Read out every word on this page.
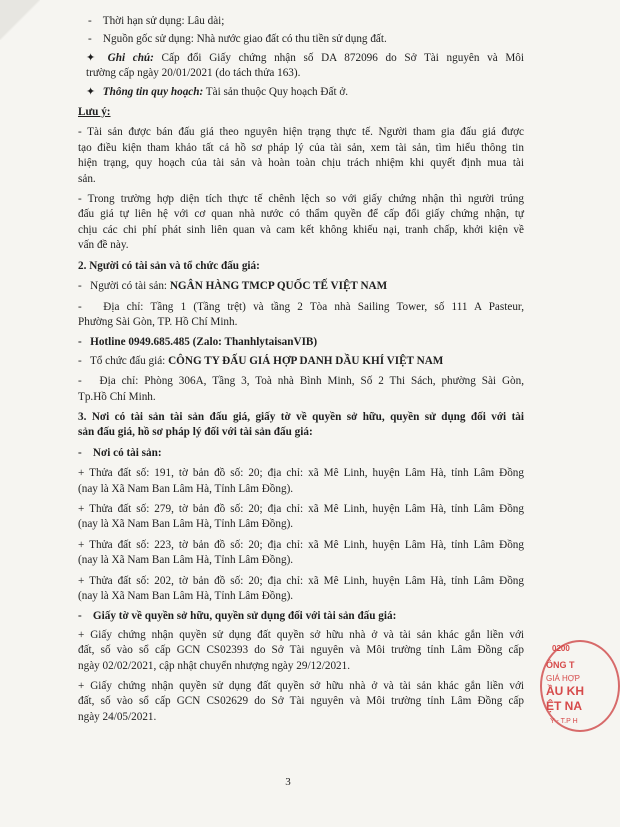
- Thời hạn sử dụng: Lâu dài;

- Nguồn gốc sử dụng: Nhà nước giao đất có thu tiền sử dụng đất.

✦ Ghi chú: Cấp đổi Giấy chứng nhận số DA 872096 do Sở Tài nguyên và Môi

trường cấp ngày 20/01/2021 (do tách thửa 163).

✦ Thông tin quy hoạch: Tài sản thuộc Quy hoạch Đất ở.

Lưu ý:

- Tài sản được bán đấu giá theo nguyên hiện trạng thực tế. Người tham gia đấu giá được

tạo điều kiện tham khảo tất cả hồ sơ pháp lý của tài sản, xem tài sản, tìm hiểu thông tin

hiện trạng, quy hoạch của tài sản và hoàn toàn chịu trách nhiệm khi quyết định mua tài

sản.

- Trong trường hợp diện tích thực tế chênh lệch so với giấy chứng nhận thì người trúng

đấu giá tự liên hệ với cơ quan nhà nước có thẩm quyền để cấp đổi giấy chứng nhận, tự

chịu các chi phí phát sinh liên quan và cam kết không khiếu nại, tranh chấp, khởi kiện về

vấn đề này.

2. Người có tài sản và tổ chức đấu giá:

- Người có tài sản: NGÂN HÀNG TMCP QUỐC TẾ VIỆT NAM

- Địa chỉ: Tầng 1 (Tầng trệt) và tầng 2 Tòa nhà Sailing Tower, số 111 A Pasteur,

Phường Sài Gòn, TP. Hồ Chí Minh.

- Hotline 0949.685.485 (Zalo: ThanhlytaisanVIB)

- Tổ chức đấu giá: CÔNG TY ĐẤU GIÁ HỢP DANH DẦU KHÍ VIỆT NAM

- Địa chỉ: Phòng 306A, Tầng 3, Toà nhà Bình Minh, Số 2 Thi Sách, phường Sài Gòn,

Tp.Hồ Chí Minh.

3. Nơi có tài sản tài sản đấu giá, giấy tờ về quyền sở hữu, quyền sử dụng đối với tài

sản đấu giá, hồ sơ pháp lý đối với tài sản đấu giá:

- Nơi có tài sản:

+ Thửa đất số: 191, tờ bản đồ số: 20; địa chỉ: xã Mê Linh, huyện Lâm Hà, tỉnh Lâm Đồng

(nay là Xã Nam Ban Lâm Hà, Tỉnh Lâm Đồng).

+ Thửa đất số: 279, tờ bản đồ số: 20; địa chỉ: xã Mê Linh, huyện Lâm Hà, tỉnh Lâm Đồng

(nay là Xã Nam Ban Lâm Hà, Tỉnh Lâm Đồng).

+ Thửa đất số: 223, tờ bản đồ số: 20; địa chỉ: xã Mê Linh, huyện Lâm Hà, tỉnh Lâm Đồng

(nay là Xã Nam Ban Lâm Hà, Tỉnh Lâm Đồng).

+ Thửa đất số: 202, tờ bản đồ số: 20; địa chỉ: xã Mê Linh, huyện Lâm Hà, tỉnh Lâm Đồng

(nay là Xã Nam Ban Lâm Hà, Tỉnh Lâm Đồng).

- Giấy tờ về quyền sở hữu, quyền sử dụng đối với tài sản đấu giá:

+ Giấy chứng nhận quyền sử dụng đất quyền sở hữu nhà ở và tài sản khác gắn liền với

đất, số vào sổ cấp GCN CS02393 do Sở Tài nguyên và Môi trường tỉnh Lâm Đồng cấp

ngày 02/02/2021, cập nhật chuyển nhượng ngày 29/12/2021.

+ Giấy chứng nhận quyền sử dụng đất quyền sở hữu nhà ở và tài sản khác gắn liền với

đất, số vào sổ cấp GCN CS02629 do Sở Tài nguyên và Môi trường tỉnh Lâm Đồng cấp

ngày 24/05/2021.

0200
ÔNG T
GIÁ HỢP
ẦU KH
ỆT NA
Y - T.P H
3
